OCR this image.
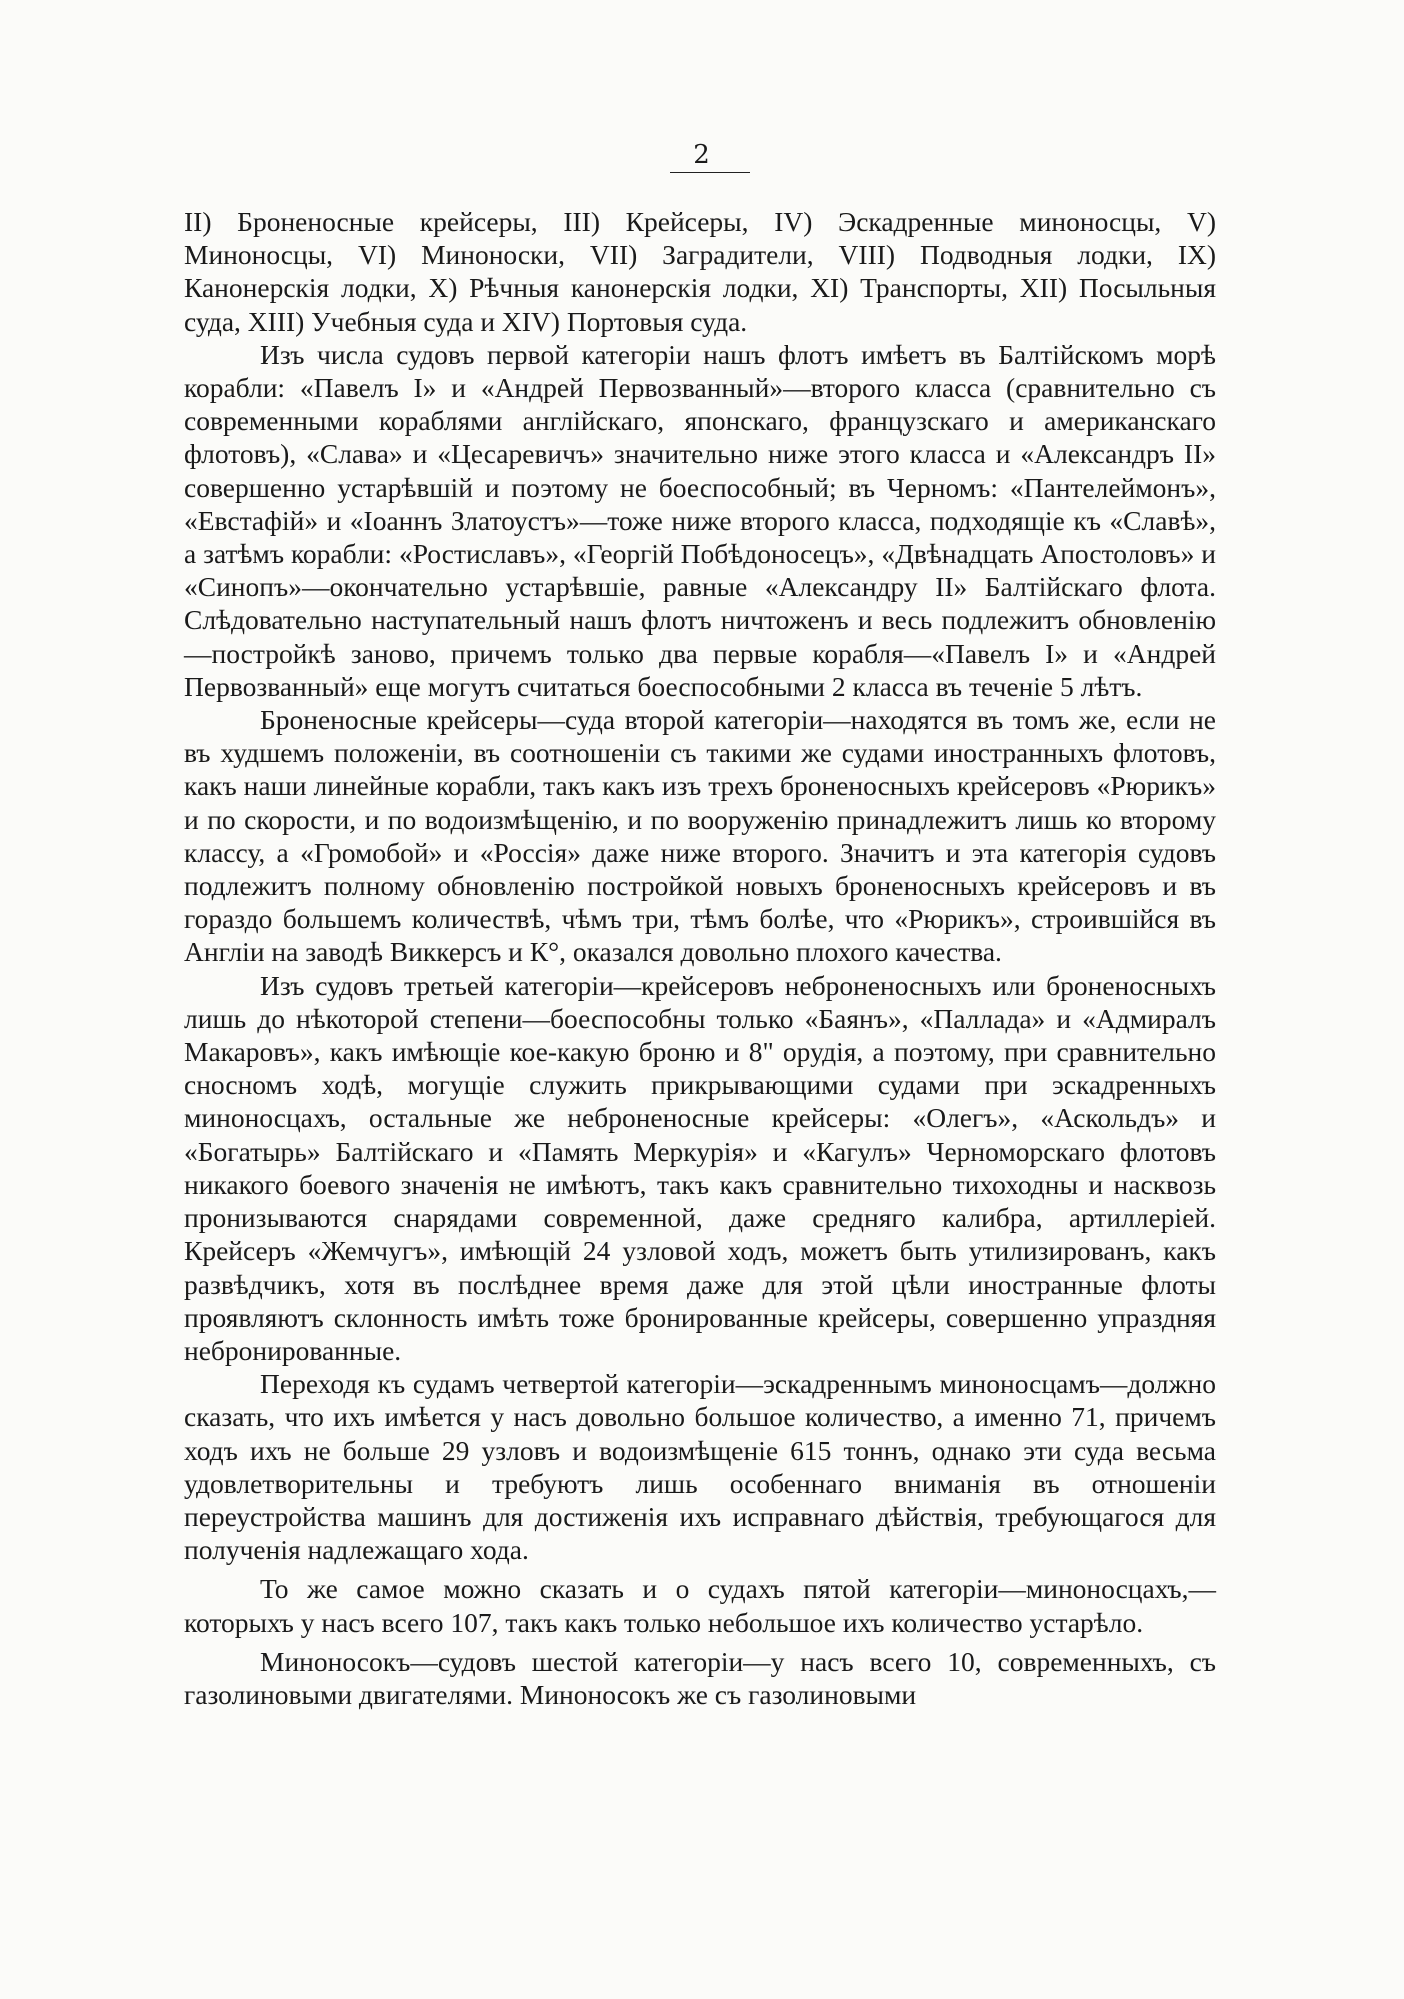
2

II) Броненосные крейсеры, III) Крейсеры, IV) Эскадренные миноносцы, V) Миноносцы, VI) Миноноски, VII) Заградители, VIII) Подводныя лодки, IX) Канонерскія лодки, X) Рѣчныя канонерскія лодки, XI) Транспорты, XII) Посыльныя суда, XIII) Учебныя суда и XIV) Портовыя суда.

Изъ числа судовъ первой категоріи нашъ флотъ имѣетъ въ Балтійскомъ морѣ корабли: «Павелъ I» и «Андрей Первозванный»—второго класса (сравнительно съ современными кораблями англійскаго, японскаго, французскаго и американскаго флотовъ), «Слава» и «Цесаревичъ» значительно ниже этого класса и «Александръ II» совершенно устарѣвшій и поэтому не боеспособный; въ Черномъ: «Пантелеймонъ», «Евстафій» и «Іоаннъ Златоустъ»—тоже ниже второго класса, подходящіе къ «Славѣ», а затѣмъ корабли: «Ростиславъ», «Георгій Побѣдоносецъ», «Двѣнадцать Апостоловъ» и «Синопъ»—окончательно устарѣвшіе, равные «Александру II» Балтійскаго флота. Слѣдовательно наступательный нашъ флотъ ничтоженъ и весь подлежитъ обновленію—постройкѣ заново, причемъ только два первые корабля—«Павелъ I» и «Андрей Первозванный» еще могутъ считаться боеспособными 2 класса въ теченіе 5 лѣтъ.

Броненосные крейсеры—суда второй категоріи—находятся въ томъ же, если не въ худшемъ положеніи, въ соотношеніи съ такими же судами иностранныхъ флотовъ, какъ наши линейные корабли, такъ какъ изъ трехъ броненосныхъ крейсеровъ «Рюрикъ» и по скорости, и по водоизмѣщенію, и по вооруженію принадлежитъ лишь ко второму классу, а «Громобой» и «Россія» даже ниже второго. Значитъ и эта категорія судовъ подлежитъ полному обновленію постройкой новыхъ броненосныхъ крейсеровъ и въ гораздо большемъ количествѣ, чѣмъ три, тѣмъ болѣе, что «Рюрикъ», строившійся въ Англіи на заводѣ Виккерсъ и К°, оказался довольно плохого качества.

Изъ судовъ третьей категоріи—крейсеровъ неброненосныхъ или броненосныхъ лишь до нѣкоторой степени—боеспособны только «Баянъ», «Паллада» и «Адмиралъ Макаровъ», какъ имѣющіе кое-какую броню и 8" орудія, а поэтому, при сравнительно сносномъ ходѣ, могущіе служить прикрывающими судами при эскадренныхъ миноносцахъ, остальные же неброненосные крейсеры: «Олегъ», «Аскольдъ» и «Богатырь» Балтійскаго и «Память Меркурія» и «Кагулъ» Черноморскаго флотовъ никакого боевого значенія не имѣютъ, такъ какъ сравнительно тихоходны и насквозь пронизываются снарядами современной, даже средняго калибра, артиллеріей. Крейсеръ «Жемчугъ», имѣющій 24 узловой ходъ, можетъ быть утилизированъ, какъ развѣдчикъ, хотя въ послѣднее время даже для этой цѣли иностранные флоты проявляютъ склонность имѣть тоже бронированные крейсеры, совершенно упраздняя небронированные.

Переходя къ судамъ четвертой категоріи—эскадреннымъ миноносцамъ—должно сказать, что ихъ имѣется у насъ довольно большое количество, а именно 71, причемъ ходъ ихъ не больше 29 узловъ и водоизмѣщеніе 615 тоннъ, однако эти суда весьма удовлетворительны и требуютъ лишь особеннаго вниманія въ отношеніи переустройства машинъ для достиженія ихъ исправнаго дѣйствія, требующагося для полученія надлежащаго хода.

То же самое можно сказать и о судахъ пятой категоріи—миноносцахъ,—которыхъ у насъ всего 107, такъ какъ только небольшое ихъ количество устарѣло.

Миноносокъ—судовъ шестой категоріи—у насъ всего 10, современныхъ, съ газолиновыми двигателями. Миноносокъ же съ газолиновыми
